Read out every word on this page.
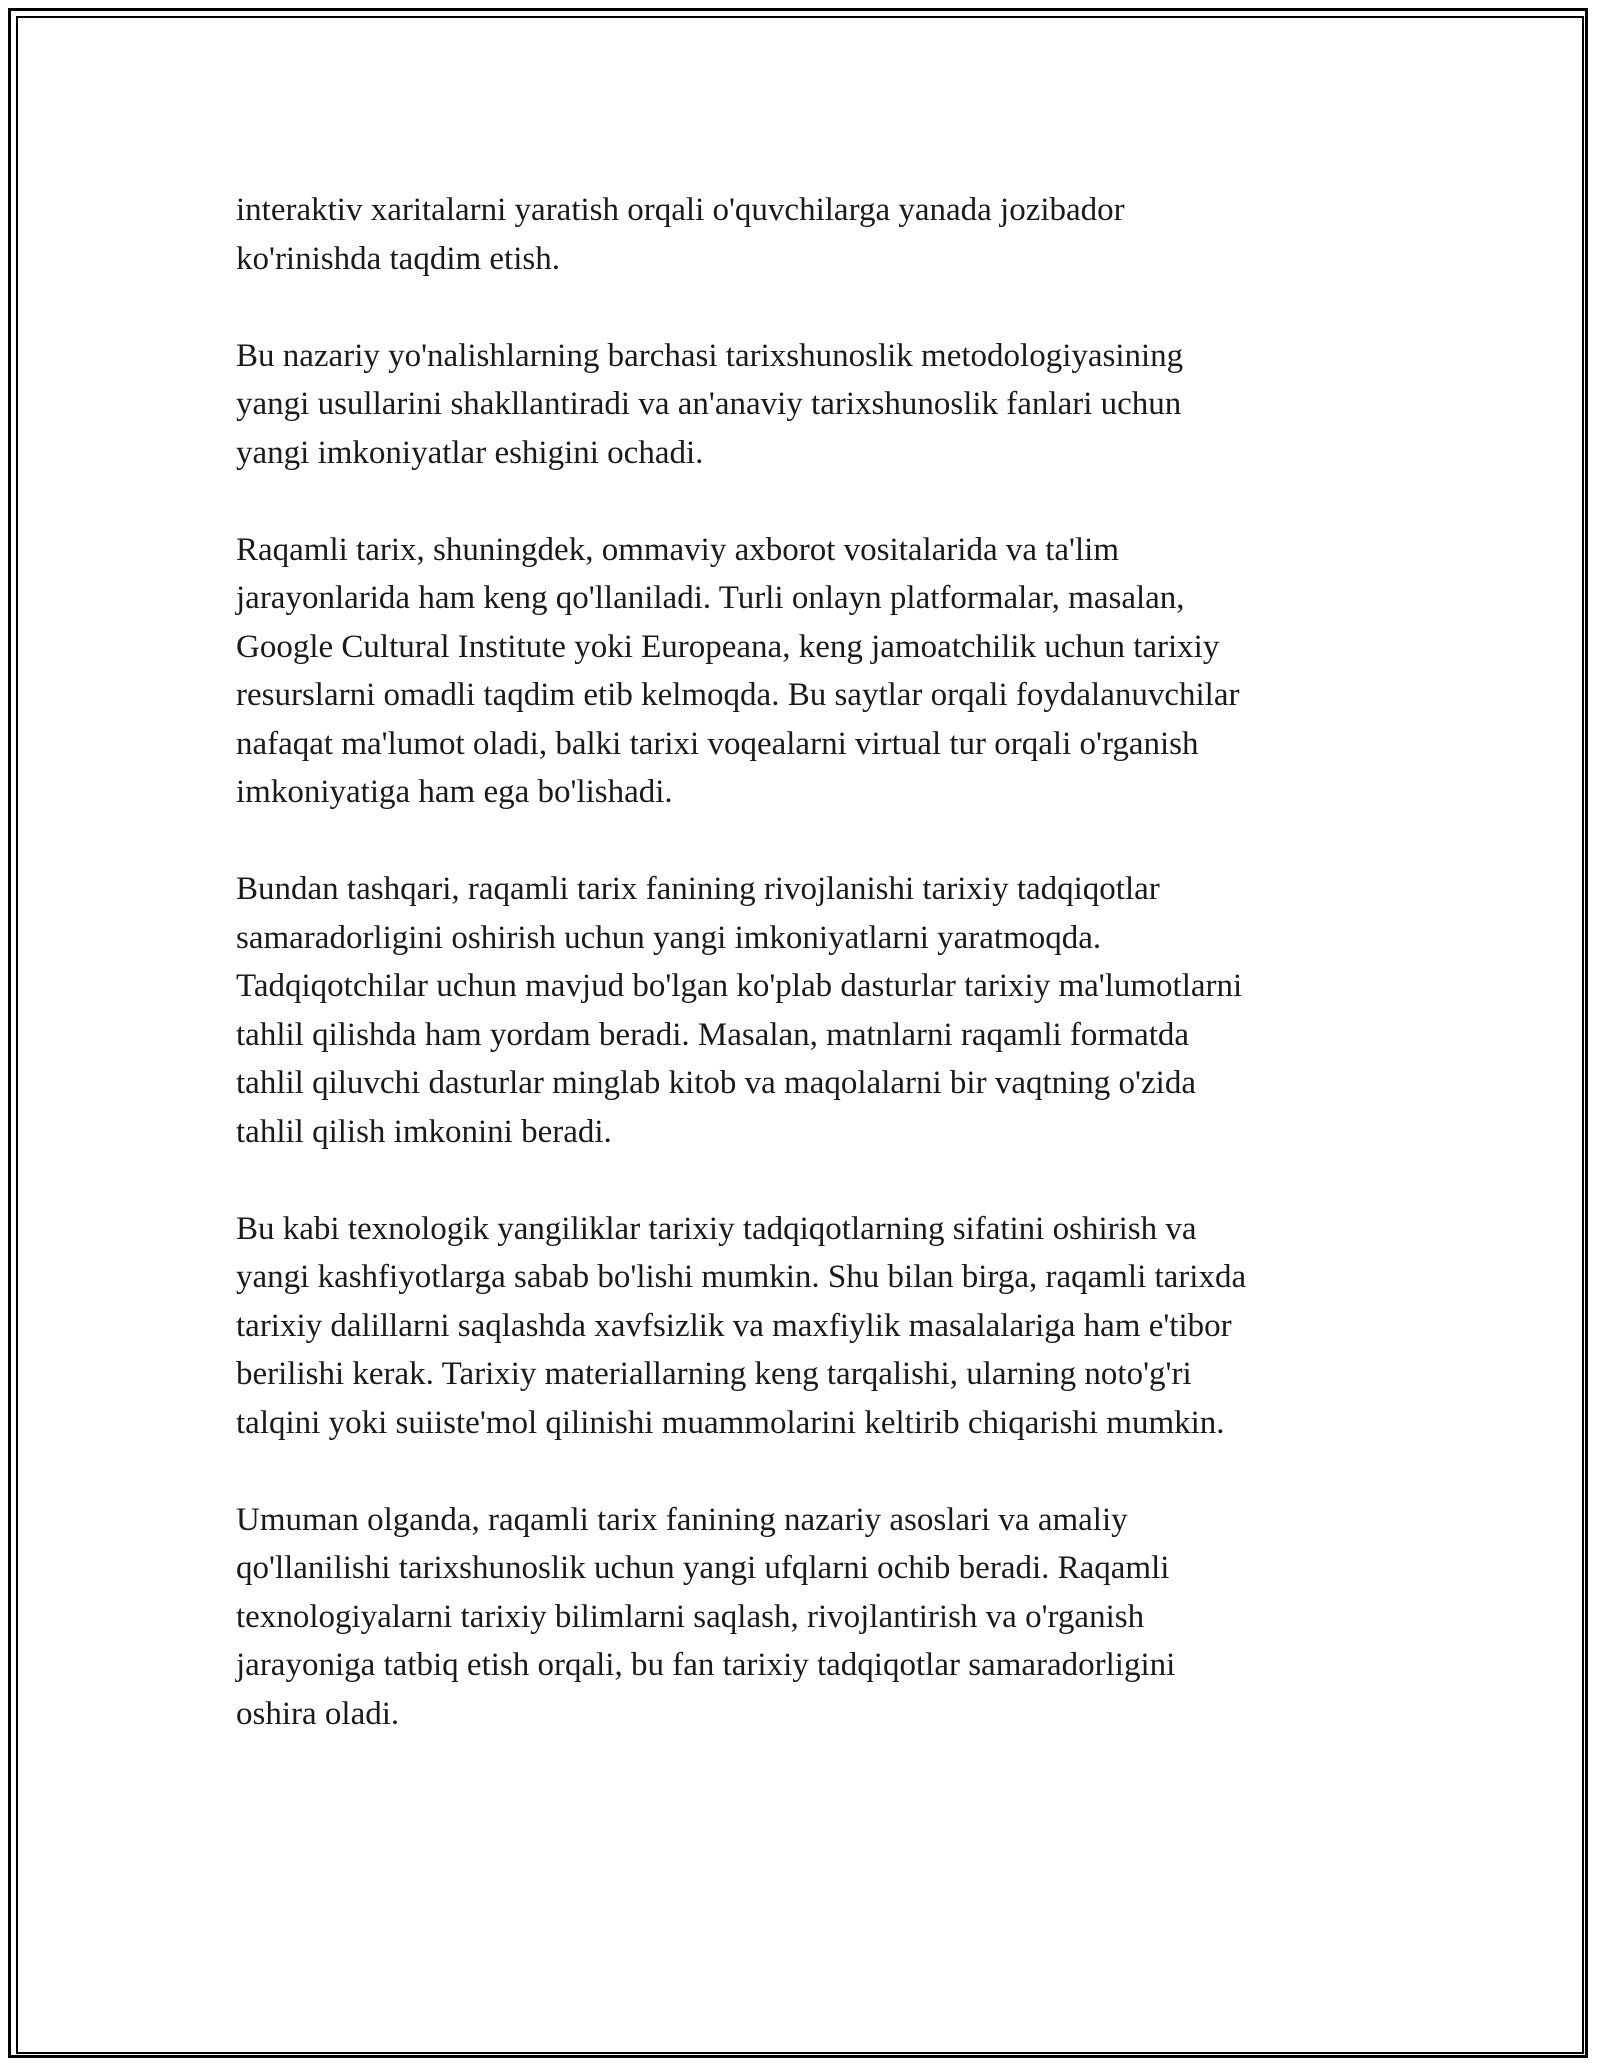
interaktiv xaritalarni yaratish orqali o'quvchilarga yanada jozibador
ko'rinishda taqdim etish.
Bu nazariy yo'nalishlarning barchasi tarixshunoslik metodologiyasining
yangi usullarini shakllantiradi va an'anaviy tarixshunoslik fanlari uchun
yangi imkoniyatlar eshigini ochadi.
Raqamli tarix, shuningdek, ommaviy axborot vositalarida va ta'lim
jarayonlarida ham keng qo'llaniladi. Turli onlayn platformalar, masalan,
Google Cultural Institute yoki Europeana, keng jamoatchilik uchun tarixiy
resurslarni omadli taqdim etib kelmoqda. Bu saytlar orqali foydalanuvchilar
nafaqat ma'lumot oladi, balki tarixi voqealarni virtual tur orqali o'rganish
imkoniyatiga ham ega bo'lishadi.
Bundan tashqari, raqamli tarix fanining rivojlanishi tarixiy tadqiqotlar
samaradorligini oshirish uchun yangi imkoniyatlarni yaratmoqda.
Tadqiqotchilar uchun mavjud bo'lgan ko'plab dasturlar tarixiy ma'lumotlarni
tahlil qilishda ham yordam beradi. Masalan, matnlarni raqamli formatda
tahlil qiluvchi dasturlar minglab kitob va maqolalarni bir vaqtning o'zida
tahlil qilish imkonini beradi.
Bu kabi texnologik yangiliklar tarixiy tadqiqotlarning sifatini oshirish va
yangi kashfiyotlarga sabab bo'lishi mumkin. Shu bilan birga, raqamli tarixda
tarixiy dalillarni saqlashda xavfsizlik va maxfiylik masalalariga ham e'tibor
berilishi kerak. Tarixiy materiallarning keng tarqalishi, ularning noto'g'ri
talqini yoki suiiste'mol qilinishi muammolarini keltirib chiqarishi mumkin.
Umuman olganda, raqamli tarix fanining nazariy asoslari va amaliy
qo'llanilishi tarixshunoslik uchun yangi ufqlarni ochib beradi. Raqamli
texnologiyalarni tarixiy bilimlarni saqlash, rivojlantirish va o'rganish
jarayoniga tatbiq etish orqali, bu fan tarixiy tadqiqotlar samaradorligini
oshira oladi.
